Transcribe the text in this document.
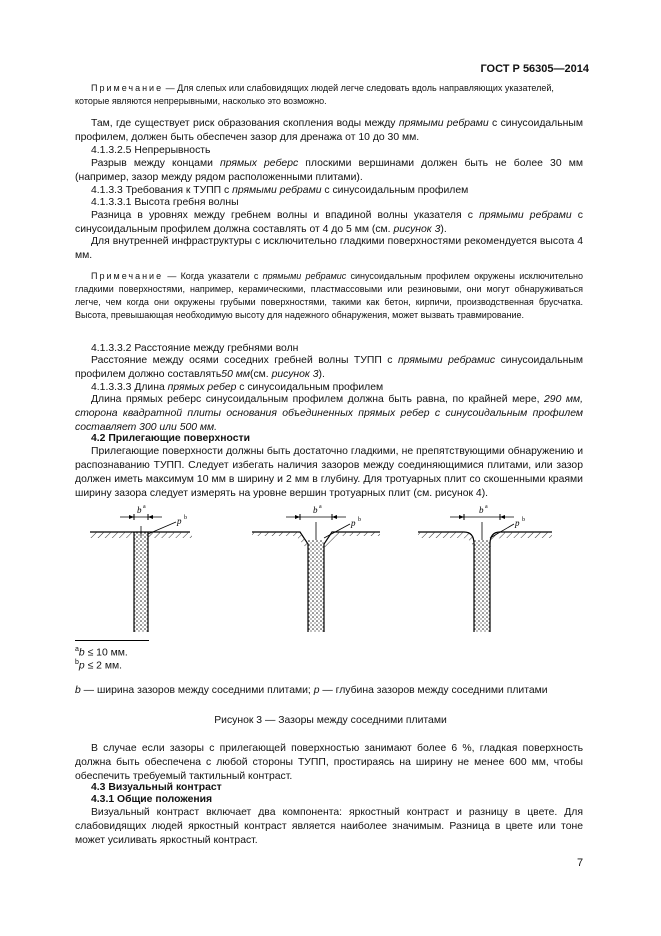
ГОСТ Р 56305—2014
Примечание — Для слепых или слабовидящих людей легче следовать вдоль направляющих указателей, которые являются непрерывными, насколько это возможно.
Там, где существует риск образования скопления воды между прямыми ребрами с синусоидальным профилем, должен быть обеспечен зазор для дренажа от 10 до 30 мм.
4.1.3.2.5 Непрерывность
Разрыв между концами прямых реберс плоскими вершинами должен быть не более 30 мм (например, зазор между рядом расположенными плитами).
4.1.3.3 Требования к ТУПП с прямыми ребрами с синусоидальным профилем
4.1.3.3.1 Высота гребня волны
Разница в уровнях между гребнем волны и впадиной волны указателя с прямыми ребрами с синусоидальным профилем должна составлять от 4 до 5 мм (см. рисунок 3).
Для внутренней инфраструктуры с исключительно гладкими поверхностями рекомендуется высота 4 мм.
Примечание — Когда указатели с прямыми ребрамис синусоидальным профилем окружены исключительно гладкими поверхностями, например, керамическими, пластмассовыми или резиновыми, они могут обнаруживаться легче, чем когда они окружены грубыми поверхностями, такими как бетон, кирпичи, производственная брусчатка. Высота, превышающая необходимую высоту для надежного обнаружения, может вызвать травмирование.
4.1.3.3.2 Расстояние между гребнями волн
Расстояние между осями соседних гребней волны ТУПП с прямыми ребрамис синусоидальным профилем должно составлять50 мм(см. рисунок 3).
4.1.3.3.3 Длина прямых ребер с синусоидальным профилем
Длина прямых реберс синусоидальным профилем должна быть равна, по крайней мере, 290 мм, сторона квадратной плиты основания объединенных прямых ребер с синусоидальным профилем составляет 300 или 500 мм.
4.2 Прилегающие поверхности
Прилегающие поверхности должны быть достаточно гладкими, не препятствующими обнаружению и распознаванию ТУПП. Следует избегать наличия зазоров между соединяющимися плитами, или зазор должен иметь максимум 10 мм в ширину и 2 мм в глубину. Для тротуарных плит со скошенными краями ширину зазора следует измерять на уровне вершин тротуарных плит (см. рисунок 4).
b a
p b
b a
p b
b a
p b
$^a$b ≤ 10 мм.
$^b$p ≤ 2 мм.
b — ширина зазоров между соседними плитами; p — глубина зазоров между соседними плитами
Рисунок 3 — Зазоры между соседними плитами
В случае если зазоры с прилегающей поверхностью занимают более 6 %, гладкая поверхность должна быть обеспечена с любой стороны ТУПП, простираясь на ширину не менее 600 мм, чтобы обеспечить требуемый тактильный контраст.
4.3 Визуальный контраст
4.3.1 Общие положения
Визуальный контраст включает два компонента: яркостный контраст и разницу в цвете. Для слабовидящих людей яркостный контраст является наиболее значимым. Разница в цвете или тоне может усиливать яркостный контраст.
7
